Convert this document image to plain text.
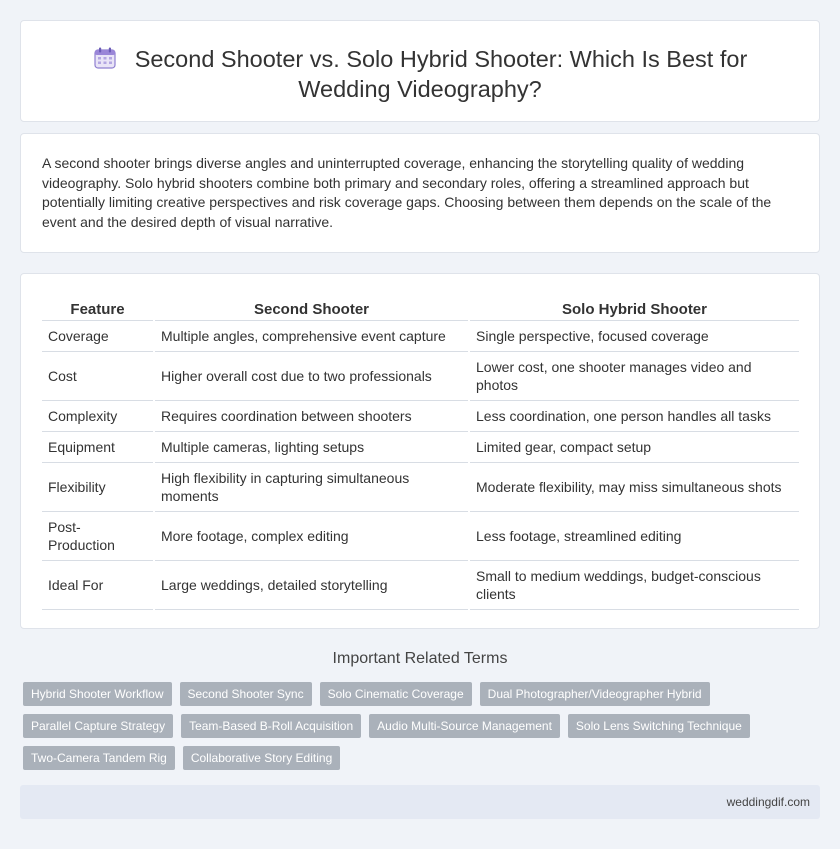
Second Shooter vs. Solo Hybrid Shooter: Which Is Best for
Wedding Videography?

A second shooter brings diverse angles and uninterrupted coverage, enhancing the storytelling quality of wedding videography. Solo hybrid shooters combine both primary and secondary roles, offering a streamlined approach but potentially limiting creative perspectives and risk coverage gaps. Choosing between them depends on the scale of the event and the desired depth of visual narrative.

Feature	Second Shooter	Solo Hybrid Shooter
Coverage	Multiple angles, comprehensive event capture	Single perspective, focused coverage
Cost	Higher overall cost due to two professionals	Lower cost, one shooter manages video and photos
Complexity	Requires coordination between shooters	Less coordination, one person handles all tasks
Equipment	Multiple cameras, lighting setups	Limited gear, compact setup
Flexibility	High flexibility in capturing simultaneous moments	Moderate flexibility, may miss simultaneous shots
Post-Production	More footage, complex editing	Less footage, streamlined editing
Ideal For	Large weddings, detailed storytelling	Small to medium weddings, budget-conscious clients
Important Related Terms
Hybrid Shooter Workflow	Second Shooter Sync	Solo Cinematic Coverage	Dual Photographer/Videographer Hybrid
Parallel Capture Strategy	Team-Based B-Roll Acquisition	Audio Multi-Source Management	Solo Lens Switching Technique
Two-Camera Tandem Rig	Collaborative Story Editing
weddingdif.com
